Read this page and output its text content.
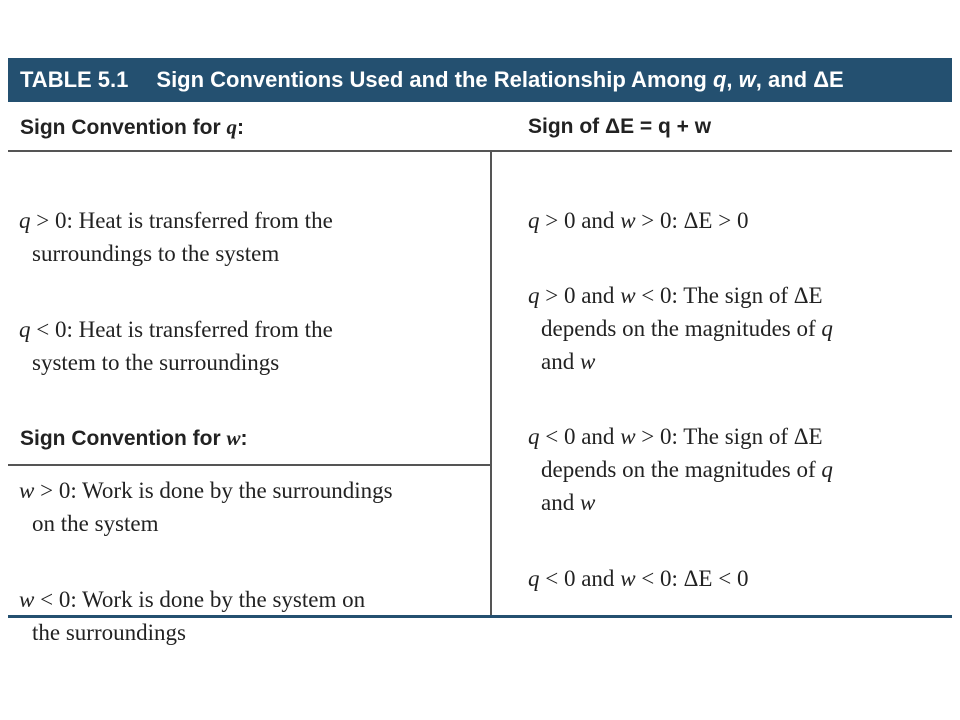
TABLE 5.1 Sign Conventions Used and the Relationship Among q, w, and ΔE
Sign Convention for q:
Sign Convention for w:
Sign of ΔE = q + w
q > 0: Heat is transferred from the
surroundings to the system
q < 0: Heat is transferred from the
system to the surroundings
w > 0: Work is done by the surroundings
on the system
w < 0: Work is done by the system on
the surroundings
q > 0 and w > 0: ΔE > 0
q > 0 and w < 0: The sign of ΔE
depends on the magnitudes of q
and w
q < 0 and w > 0: The sign of ΔE
depends on the magnitudes of q
and w
q < 0 and w < 0: ΔE < 0
